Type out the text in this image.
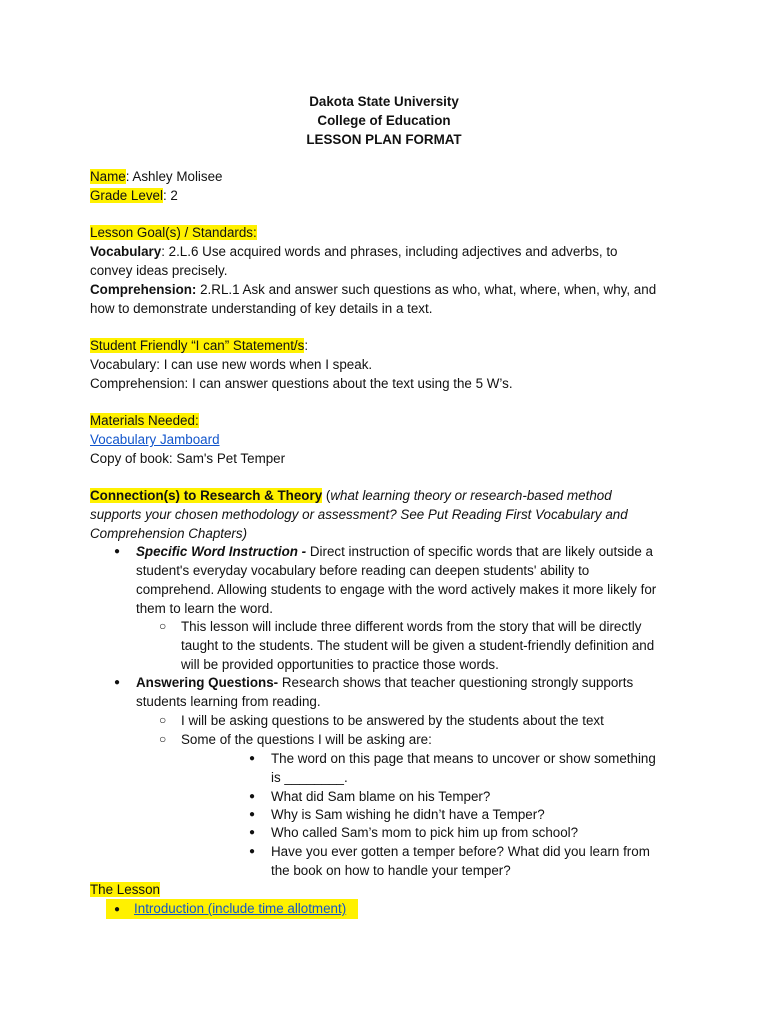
Dakota State University
College of Education
LESSON PLAN FORMAT
Name: Ashley Molisee
Grade Level: 2
Lesson Goal(s) / Standards:
Vocabulary: 2.L.6 Use acquired words and phrases, including adjectives and adverbs, to
convey ideas precisely.
Comprehension: 2.RL.1 Ask and answer such questions as who, what, where, when, why, and
how to demonstrate understanding of key details in a text.
Student Friendly “I can” Statement/s:
Vocabulary: I can use new words when I speak.
Comprehension: I can answer questions about the text using the 5 W’s.
Materials Needed:
Vocabulary Jamboard
Copy of book: Sam's Pet Temper
Connection(s) to Research & Theory (what learning theory or research-based method
supports your chosen methodology or assessment? See Put Reading First Vocabulary and
Comprehension Chapters)
● Specific Word Instruction - Direct instruction of specific words that are likely outside a
student's everyday vocabulary before reading can deepen students' ability to
comprehend. Allowing students to engage with the word actively makes it more likely for
them to learn the word.
○ This lesson will include three different words from the story that will be directly
taught to the students. The student will be given a student-friendly definition and
will be provided opportunities to practice those words.
● Answering Questions- Research shows that teacher questioning strongly supports
students learning from reading.
○ I will be asking questions to be answered by the students about the text
○ Some of the questions I will be asking are:
● The word on this page that means to uncover or show something
is ________.
● What did Sam blame on his Temper?
● Why is Sam wishing he didn’t have a Temper?
● Who called Sam’s mom to pick him up from school?
● Have you ever gotten a temper before? What did you learn from
the book on how to handle your temper?
The Lesson
● Introduction (include time allotment)
